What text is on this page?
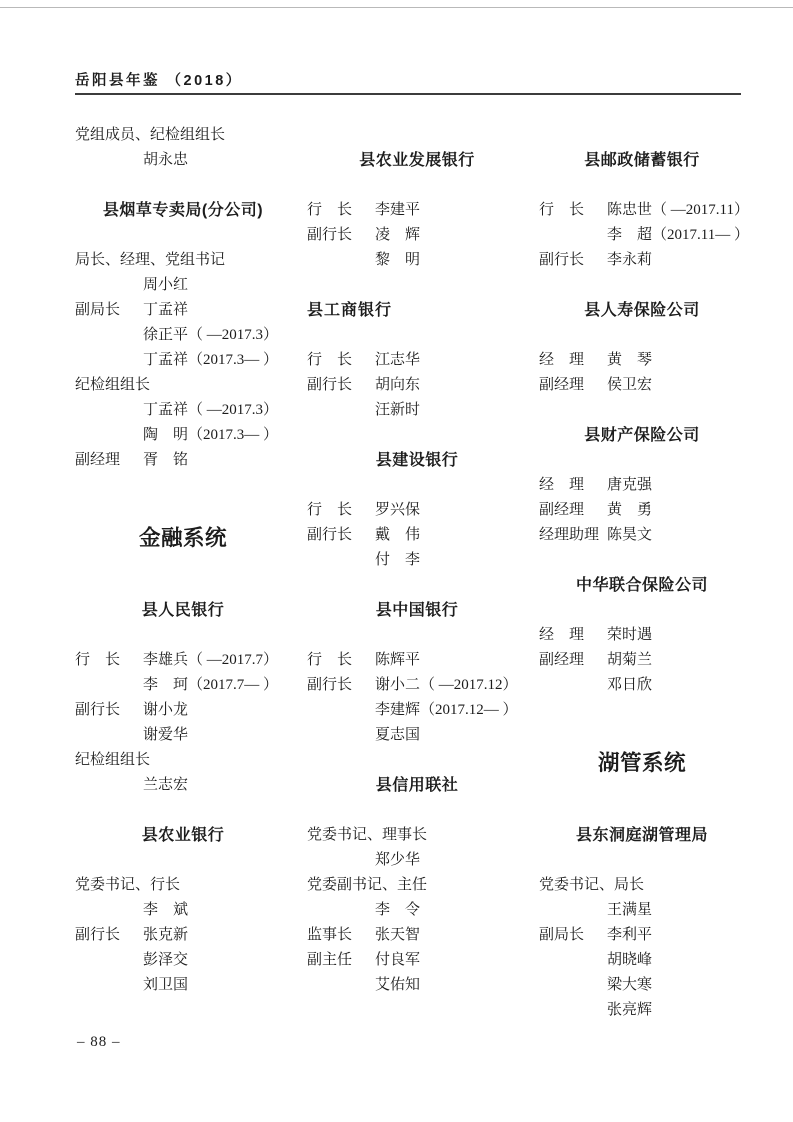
岳阳县年鉴 （2018）
党组成员、纪检组组长
胡永忠
县烟草专卖局(分公司)
局长、经理、党组书记
周小红
副局长	丁孟祥
徐正平（ —2017.3）
丁孟祥（2017.3— ）
纪检组组长
丁孟祥（ —2017.3）
陶　明（2017.3— ）
副经理	胥　铭
金融系统
县人民银行
行　长	李雄兵（ —2017.7）
李　珂（2017.7— ）
副行长	谢小龙
谢爱华
纪检组组长
兰志宏
县农业银行
党委书记、行长
李　斌
副行长	张克新
彭泽交
刘卫国
县农业发展银行
行　长	李建平
副行长	凌　辉
黎　明
县工商银行
行　长	江志华
副行长	胡向东
汪新时
县建设银行
行　长	罗兴保
副行长	戴　伟
付　李
县中国银行
行　长	陈辉平
副行长	谢小二（ —2017.12）
李建辉（2017.12— ）
夏志国
县信用联社
党委书记、理事长
郑少华
党委副书记、主任
李　令
监事长	张天智
副主任	付良军
艾佑知
县邮政储蓄银行
行　长	陈忠世（ —2017.11）
李　超（2017.11— ）
副行长	李永莉
县人寿保险公司
经　理	黄　琴
副经理	侯卫宏
县财产保险公司
经　理	唐克强
副经理	黄　勇
经理助理 陈昊文
中华联合保险公司
经　理	荣时遇
副经理	胡菊兰
邓日欣
湖管系统
县东洞庭湖管理局
党委书记、局长
王满星
副局长	李利平
胡晓峰
梁大寒
张亮辉
– 88 –
